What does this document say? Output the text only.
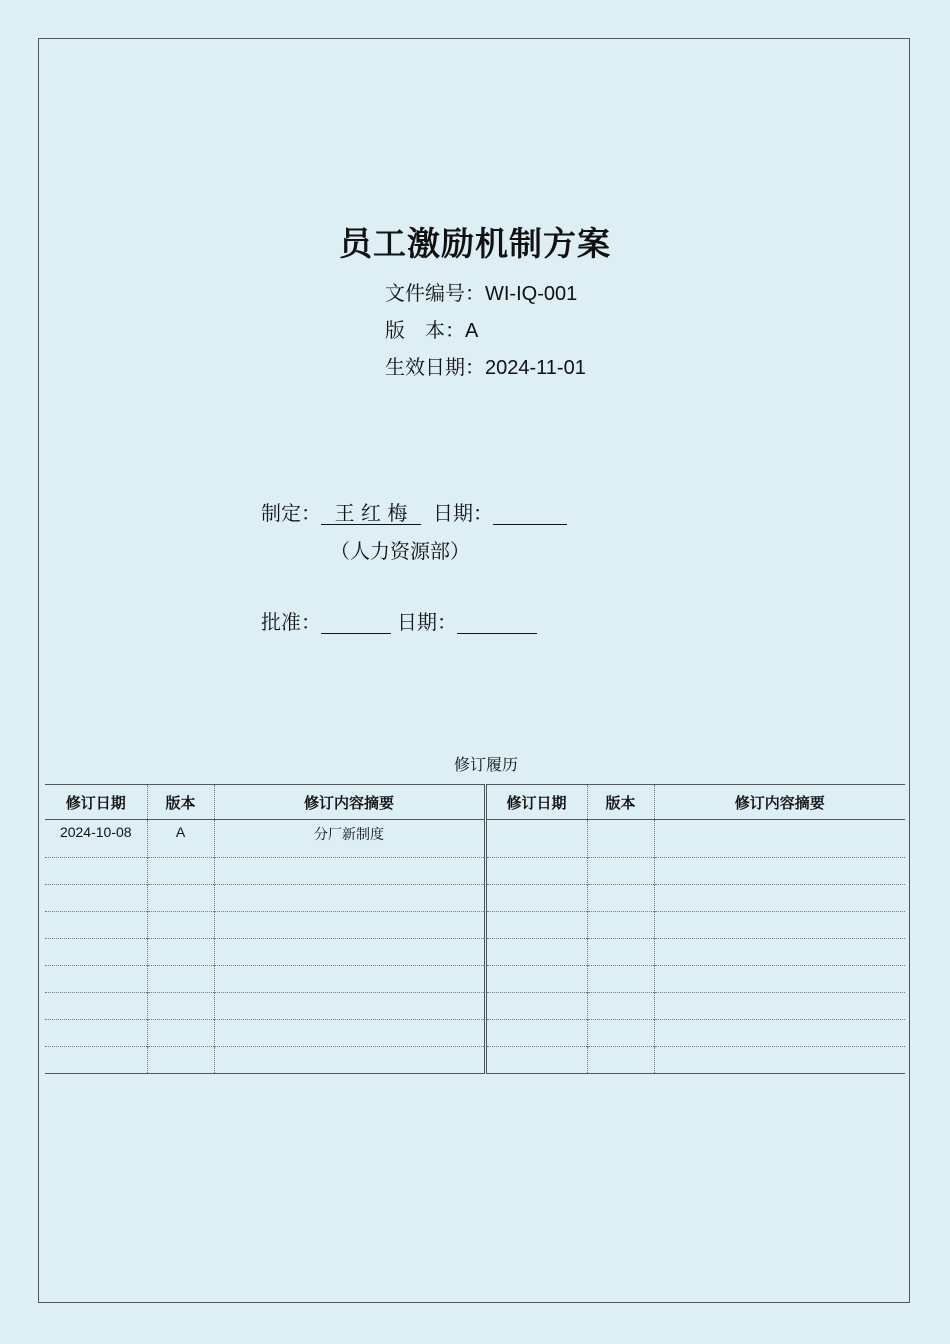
员工激励机制方案
文件编号：WI-IQ-001
版　本：A
生效日期：2024-11-01
制定： 王 红 梅 日期：
（人力资源部）
批准：	日期：
修订履历
修订日期	版本	修订内容摘要	修订日期	版本	修订内容摘要
2024-10-08	A	分厂新制度			
